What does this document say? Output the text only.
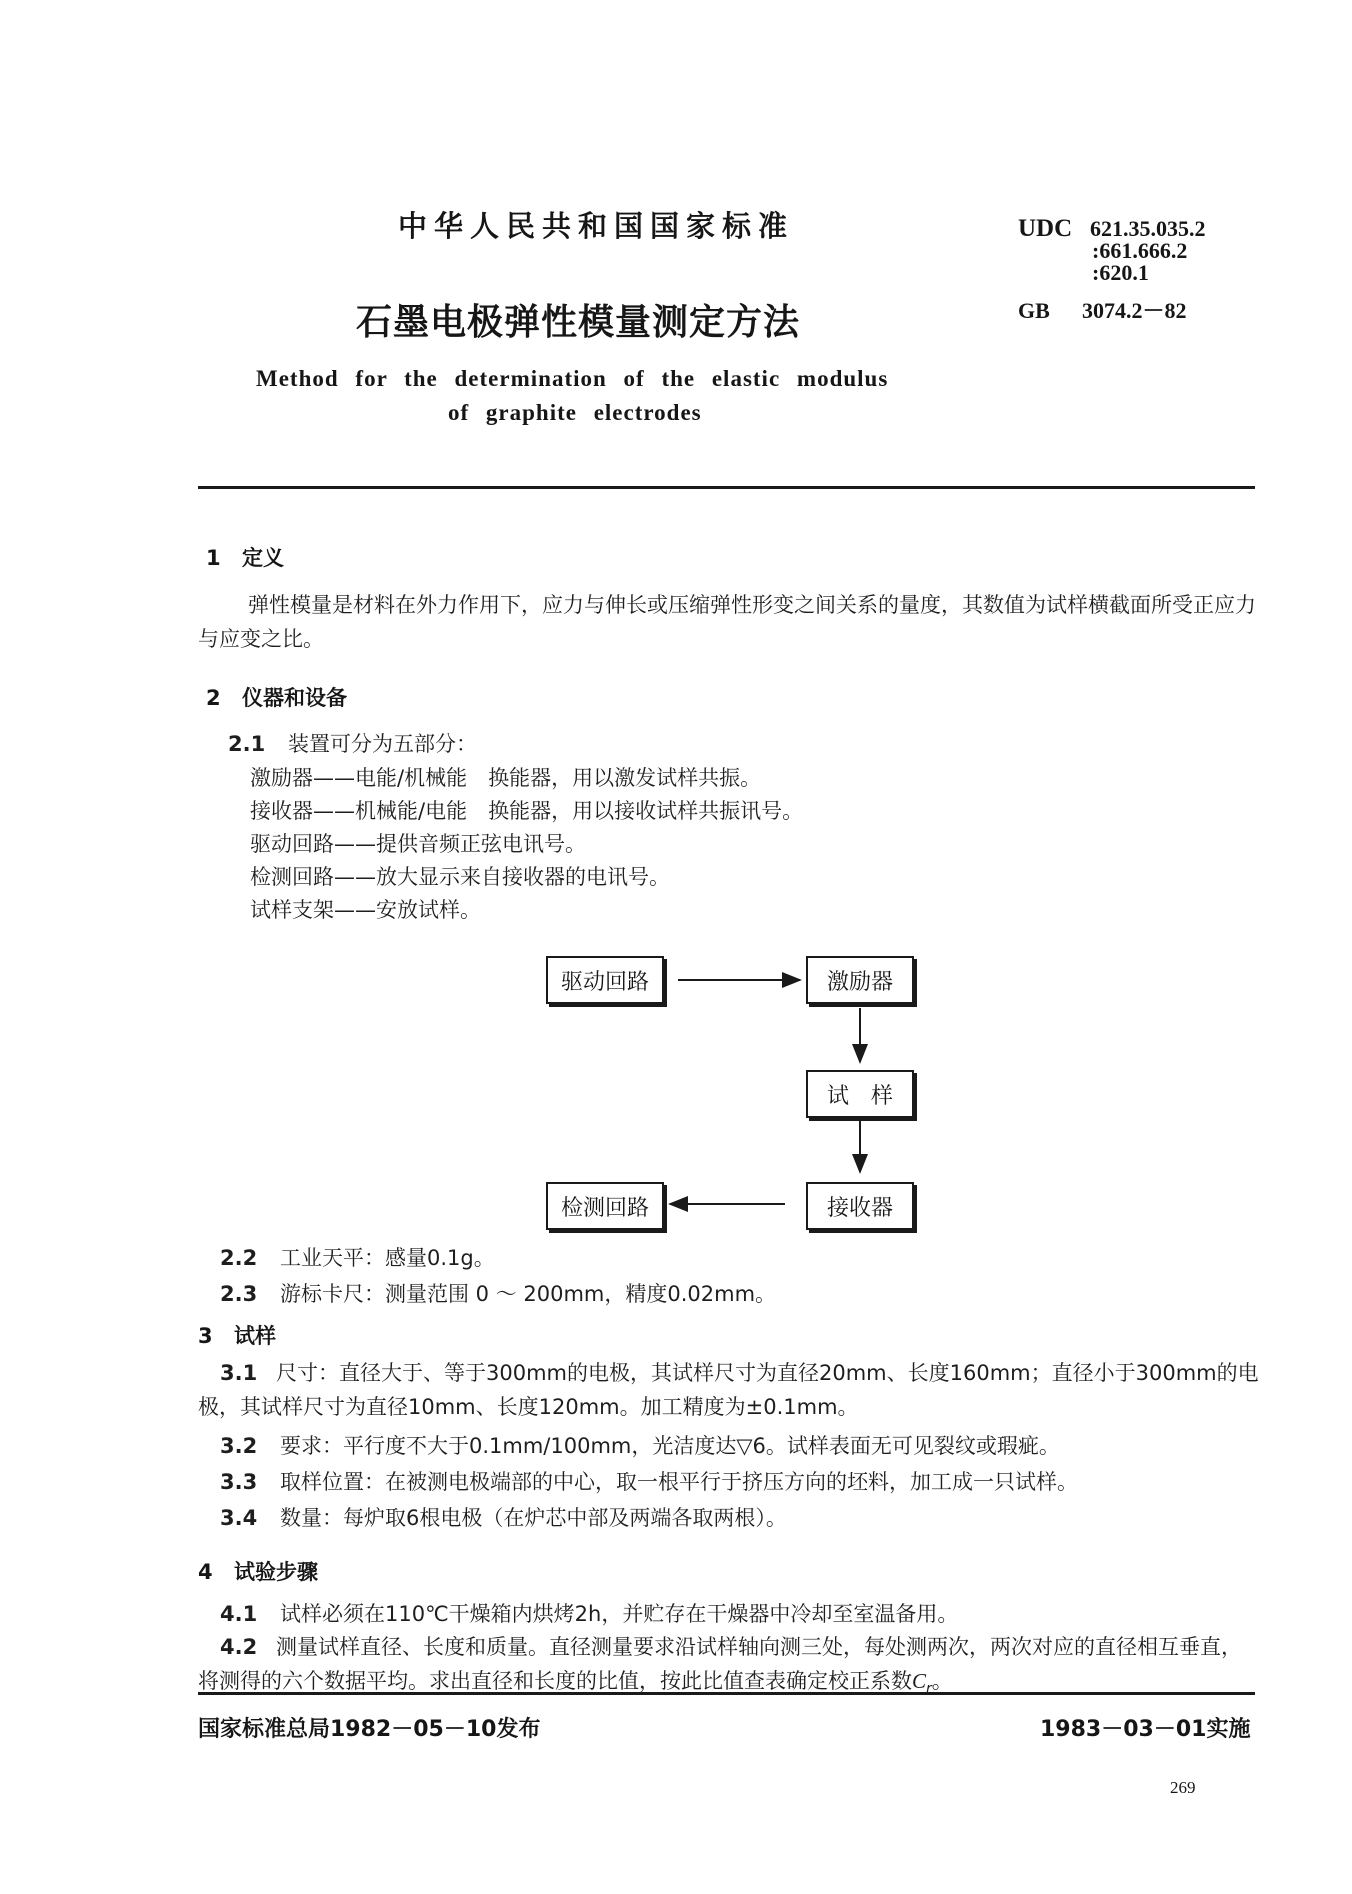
中华人民共和国国家标准	UDC 621.35.035.2
:661.666.2
:620.1
GB 3074.2－82
石墨电极弹性模量测定方法
Method for the determination of the elastic modulus
of graphite electrodes
1 定义
弹性模量是材料在外力作用下，应力与伸长或压缩弹性形变之间关系的量度，其数值为试样横截面所受正应力与应变之比。
2 仪器和设备
2.1 装置可分为五部分：
激励器——电能/机械能　换能器，用以激发试样共振。
接收器——机械能/电能　换能器，用以接收试样共振讯号。
驱动回路——提供音频正弦电讯号。
检测回路——放大显示来自接收器的电讯号。
试样支架——安放试样。
驱动回路	激励器
试　样
接收器
检测回路
2.2 工业天平：感量0.1g。
2.3 游标卡尺：测量范围 0 ～ 200mm，精度0.02mm。
3 试样
3.1 尺寸：直径大于、等于300mm的电极，其试样尺寸为直径20mm、长度160mm；直径小于300mm的电极，其试样尺寸为直径10mm、长度120mm。加工精度为±0.1mm。
3.2 要求：平行度不大于0.1mm/100mm，光洁度达▽6。试样表面无可见裂纹或瑕疵。
3.3 取样位置：在被测电极端部的中心，取一根平行于挤压方向的坯料，加工成一只试样。
3.4 数量：每炉取6根电极（在炉芯中部及两端各取两根）。
4 试验步骤
4.1 试样必须在110℃干燥箱内烘烤2h，并贮存在干燥器中冷却至室温备用。
4.2 测量试样直径、长度和质量。直径测量要求沿试样轴向测三处，每处测两次，两次对应的直径相互垂直，将测得的六个数据平均。求出直径和长度的比值，按此比值查表确定校正系数$C_r$。
国家标准总局1982－05－10发布	1983－03－01实施
269
